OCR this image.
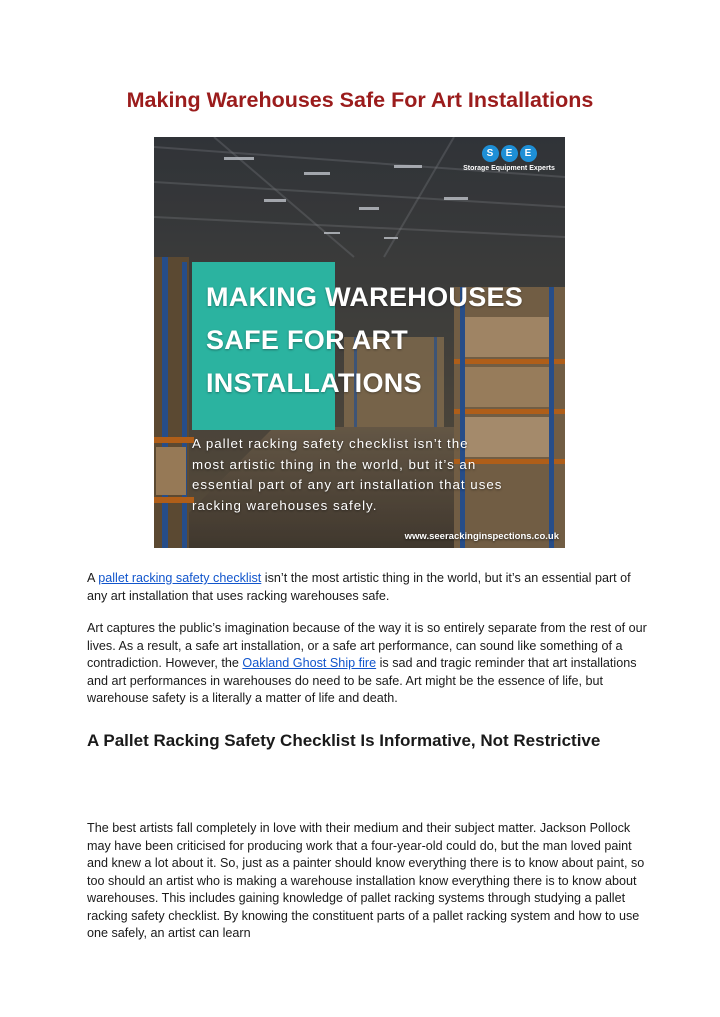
Making Warehouses Safe For Art Installations
S	E	E
Storage Equipment Experts
MAKING WAREHOUSES
SAFE FOR ART
INSTALLATIONS
A pallet racking safety checklist isn’t the
most artistic thing in the world, but it’s an
essential part of any art installation that uses
racking warehouses safely.
www.seerackinginspections.co.uk

A pallet racking safety checklist isn’t the most artistic thing in the world, but it’s an essential part of any art installation that uses racking warehouses safe.

Art captures the public’s imagination because of the way it is so entirely separate from the rest of our lives. As a result, a safe art installation, or a safe art performance, can sound like something of a contradiction. However, the Oakland Ghost Ship fire is sad and tragic reminder that art installations and art performances in warehouses do need to be safe. Art might be the essence of life, but warehouse safety is a literally a matter of life and death.

A Pallet Racking Safety Checklist Is Informative, Not Restrictive

The best artists fall completely in love with their medium and their subject matter. Jackson Pollock may have been criticised for producing work that a four-year-old could do, but the man loved paint and knew a lot about it. So, just as a painter should know everything there is to know about paint, so too should an artist who is making a warehouse installation know everything there is to know about warehouses. This includes gaining knowledge of pallet racking systems through studying a pallet racking safety checklist. By knowing the constituent parts of a pallet racking system and how to use one safely, an artist can learn
